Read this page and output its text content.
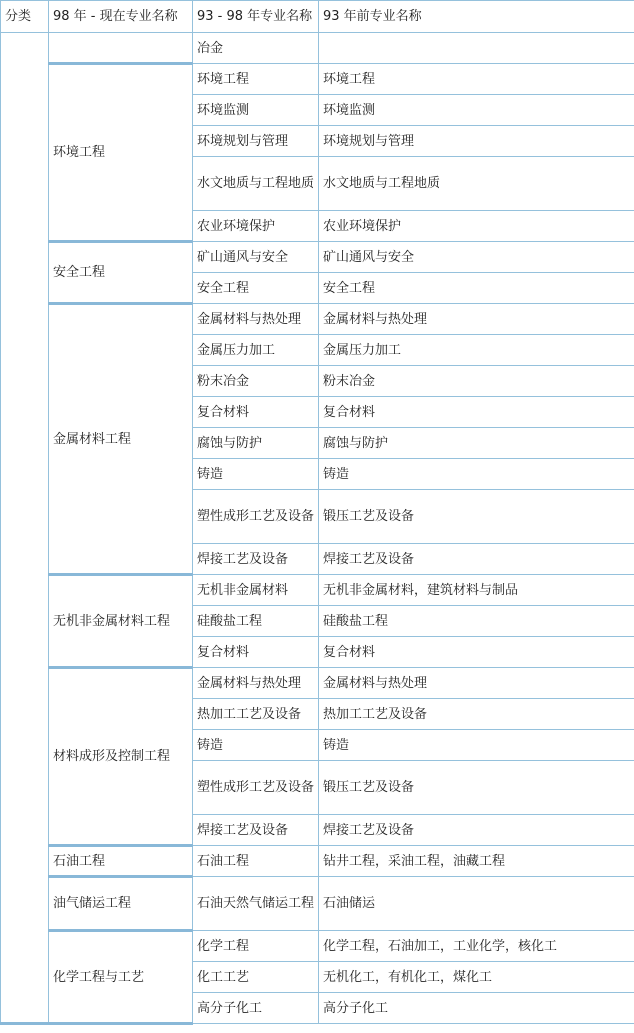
分类	98 年 - 现在专业名称	93 - 98 年专业名称	93 年前专业名称
		冶金	
	环境工程	环境工程	环境工程
		环境监测	环境监测
		环境规划与管理	环境规划与管理
		水文地质与工程地质	水文地质与工程地质
		农业环境保护	农业环境保护
	安全工程	矿山通风与安全	矿山通风与安全
		安全工程	安全工程
	金属材料工程	金属材料与热处理	金属材料与热处理
		金属压力加工	金属压力加工
		粉末冶金	粉末冶金
		复合材料	复合材料
		腐蚀与防护	腐蚀与防护
		铸造	铸造
		塑性成形工艺及设备	锻压工艺及设备
		焊接工艺及设备	焊接工艺及设备
	无机非金属材料工程	无机非金属材料	无机非金属材料，建筑材料与制品
		硅酸盐工程	硅酸盐工程
		复合材料	复合材料
	材料成形及控制工程	金属材料与热处理	金属材料与热处理
		热加工工艺及设备	热加工工艺及设备
		铸造	铸造
		塑性成形工艺及设备	锻压工艺及设备
		焊接工艺及设备	焊接工艺及设备
	石油工程	石油工程	钻井工程，采油工程，油藏工程
	油气储运工程	石油天然气储运工程	石油储运
	化学工程与工艺	化学工程	化学工程，石油加工，工业化学，核化工
		化工工艺	无机化工，有机化工，煤化工
		高分子化工	高分子化工
